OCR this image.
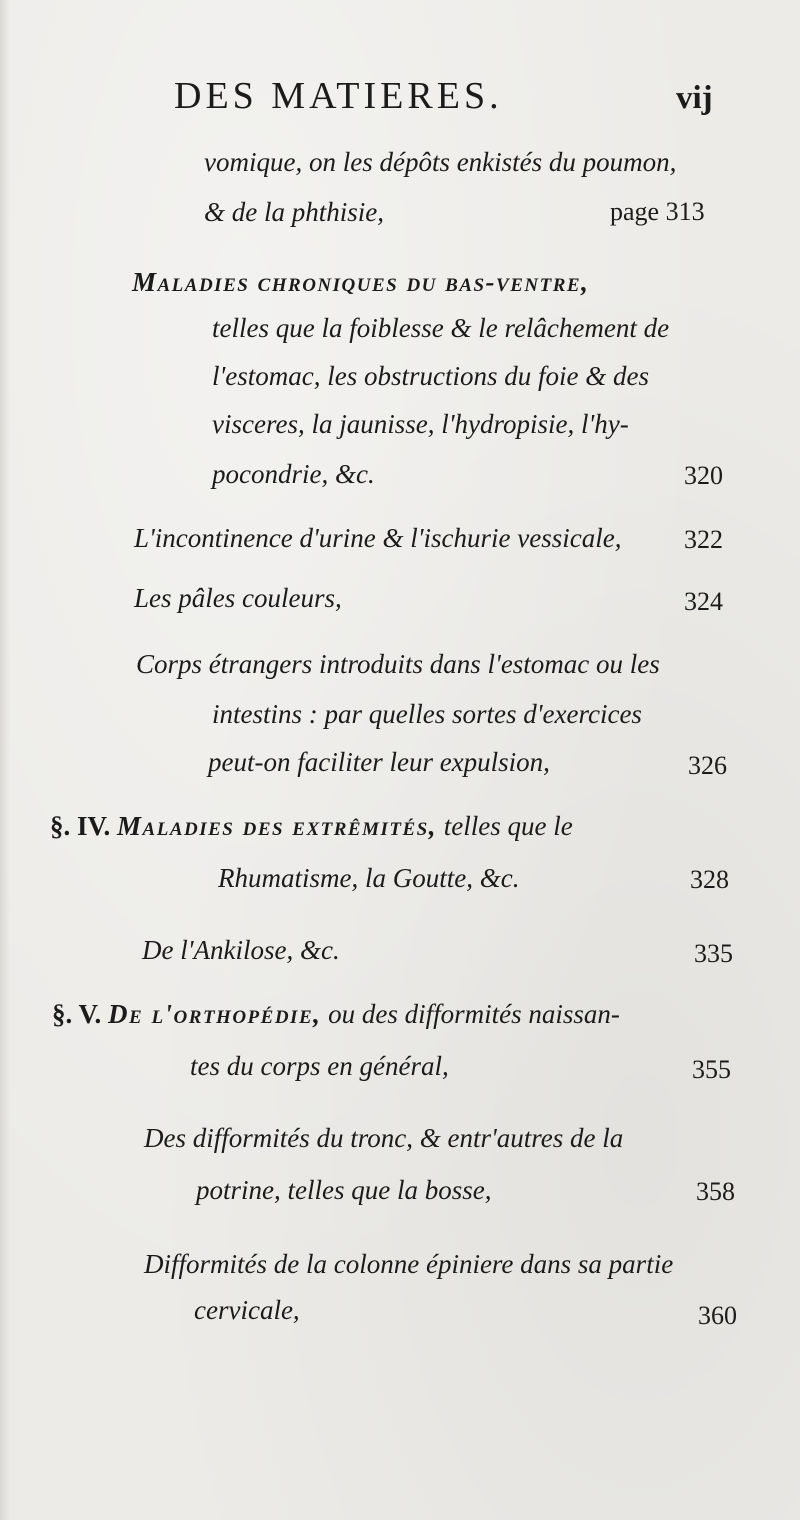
DES MATIERES.	vij
vomique, on les dépôts enkistés du poumon,
& de la phthisie,	page 313
Maladies chroniques du bas-ventre,
telles que la foiblesse & le relâchement de
l'estomac, les obstructions du foie & des
visceres, la jaunisse, l'hydropisie, l'hy-
pocondrie, &c.	320
L'incontinence d'urine & l'ischurie vessicale, 322
Les pâles couleurs,	324
Corps étrangers introduits dans l'estomac ou les
intestins : par quelles sortes d'exercices
peut-on faciliter leur expulsion,	326
§. IV. Maladies des extrêmités, telles que le
Rhumatisme, la Goutte, &c.	328
De l'Ankilose, &c.	335
§. V. De l'orthopédie, ou des difformités naissan-
tes du corps en général,	355
Des difformités du tronc, & entr'autres de la
potrine, telles que la bosse,	358
Difformités de la colonne épiniere dans sa partie
cervicale,	360
